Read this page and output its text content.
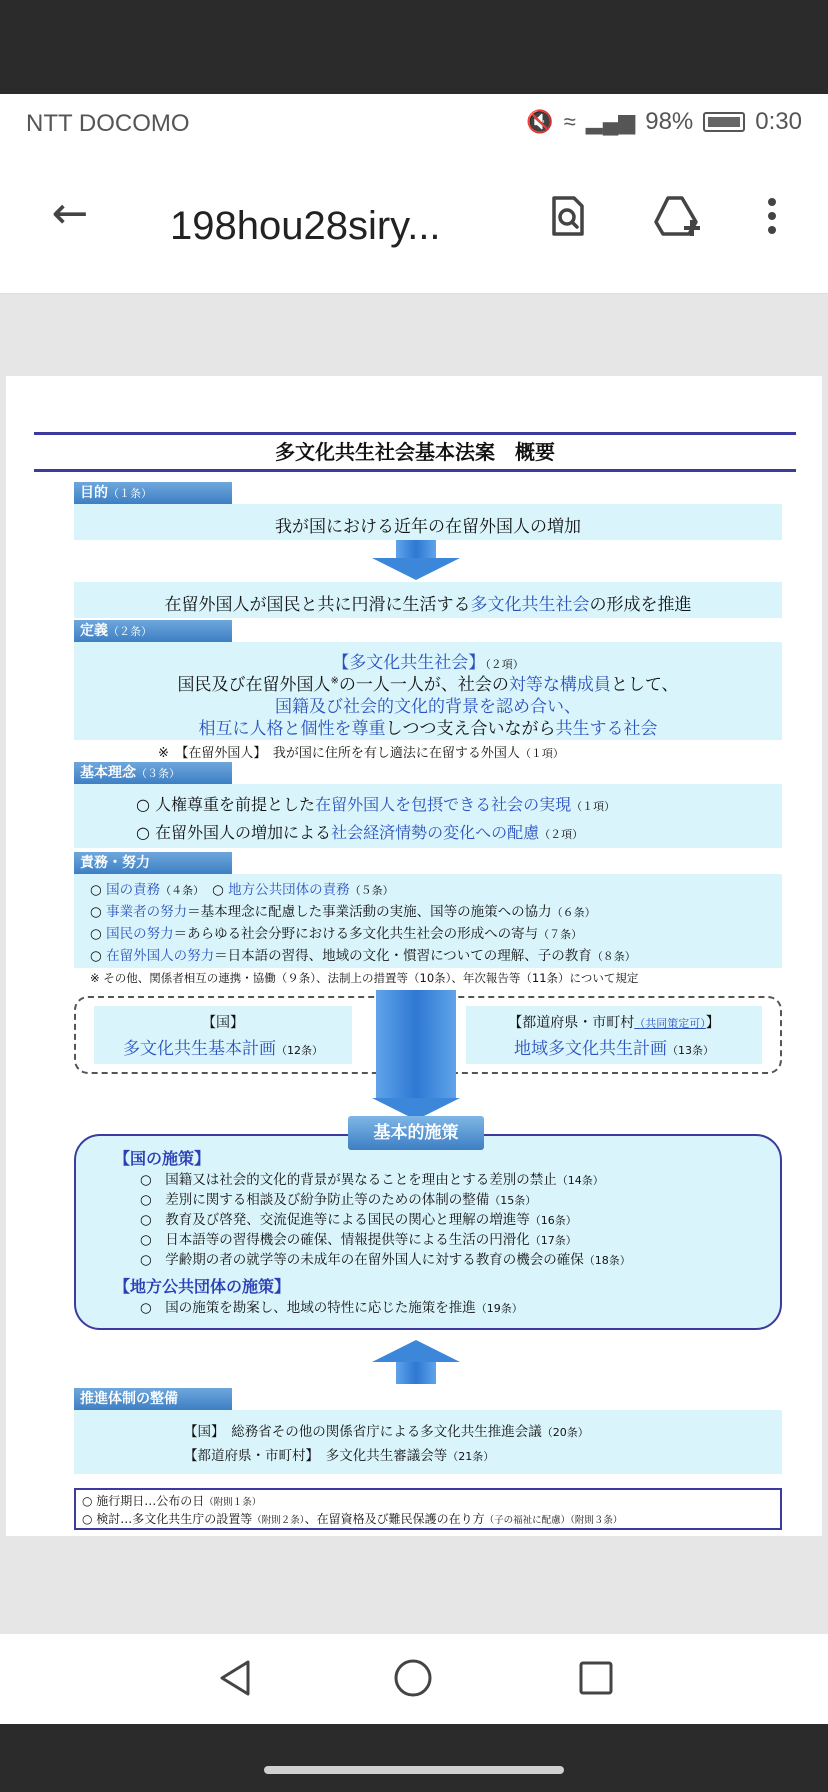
NTT DOCOMO	🔇 ≈ ▂▄▆ 98%	0:30
← 198hou28siry...
多文化共生社会基本法案　概要
目的（１条）
我が国における近年の在留外国人の増加
在留外国人が国民と共に円滑に生活する多文化共生社会の形成を推進
定義（２条）
【多文化共生社会】（２項）
国民及び在留外国人※の一人一人が、社会の対等な構成員として、
国籍及び社会的文化的背景を認め合い、
相互に人格と個性を尊重しつつ支え合いながら共生する社会
※　 【在留外国人】　我が国に住所を有し適法に在留する外国人（１項）
基本理念（３条）
○ 人権尊重を前提とした在留外国人を包摂できる社会の実現（１項）
○ 在留外国人の増加による社会経済情勢の変化への配慮（２項）
責務・努力
○ 国の責務（４条）　○ 地方公共団体の責務（５条）
○ 事業者の努力＝基本理念に配慮した事業活動の実施、国等の施策への協力（６条）
○ 国民の努力＝あらゆる社会分野における多文化共生社会の形成への寄与（７条）
○ 在留外国人の努力＝日本語の習得、地域の文化・慣習についての理解、子の教育（８条）
※ その他、関係者相互の連携・協働（９条）、法制上の措置等（10条）、年次報告等（11条）について規定
【国】
多文化共生基本計画（12条）
【都道府県・市町村（共同策定可）】
地域多文化共生計画（13条）
【国の施策】
○　国籍又は社会的文化的背景が異なることを理由とする差別の禁止（14条）
○　差別に関する相談及び紛争防止等のための体制の整備（15条）
○　教育及び啓発、交流促進等による国民の関心と理解の増進等（16条）
○　日本語等の習得機会の確保、情報提供等による生活の円滑化（17条）
○　学齢期の者の就学等の未成年の在留外国人に対する教育の機会の確保（18条）
【地方公共団体の施策】
○　国の施策を勘案し、地域の特性に応じた施策を推進（19条）
基本的施策
推進体制の整備
【国】　総務省その他の関係省庁による多文化共生推進会議（20条）
【都道府県・市町村】　多文化共生審議会等（21条）
○ 施行期日…公布の日（附則１条）
○ 検討…多文化共生庁の設置等（附則２条）、在留資格及び難民保護の在り方（子の福祉に配慮）（附則３条）
